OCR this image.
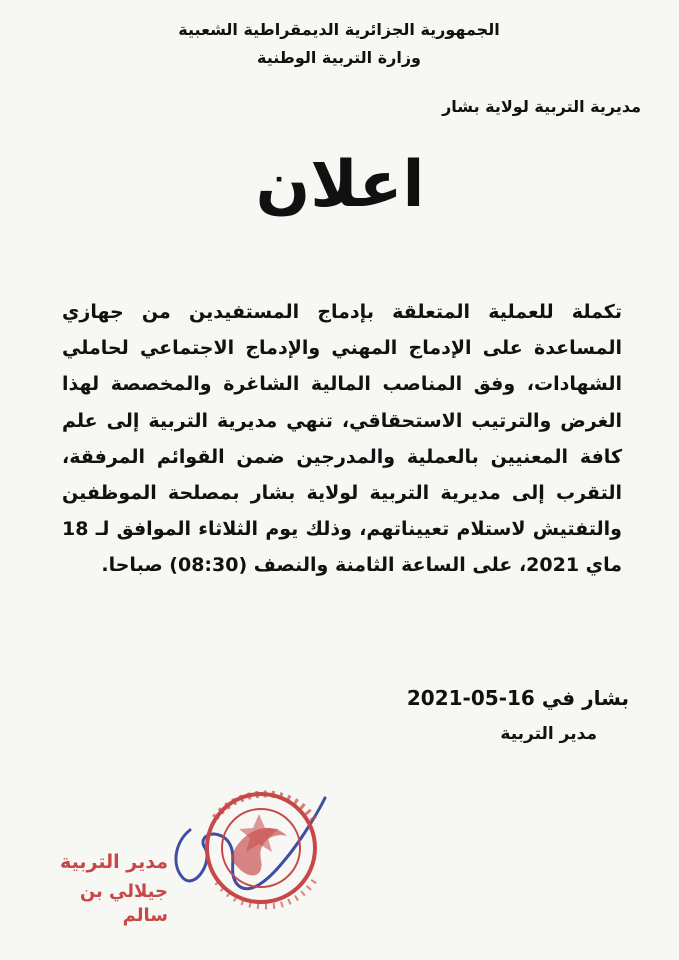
الجمهورية الجزائرية الديمقراطية الشعبية
وزارة التربية الوطنية
مديرية التربية لولاية بشار
اعلان

تكملة للعملية المتعلقة بإدماج المستفيدين من جهازي المساعدة على الإدماج المهني والإدماج الاجتماعي لحاملي الشهادات، وفق المناصب المالية الشاغرة والمخصصة لهذا الغرض والترتيب الاستحقاقي، تنهي مديرية التربية إلى علم كافة المعنيين بالعملية والمدرجين ضمن القوائم المرفقة، التقرب إلى مديرية التربية لولاية بشار بمصلحة الموظفين والتفتيش لاستلام تعييناتهم، وذلك يوم الثلاثاء الموافق لـ 18 ماي 2021، على الساعة الثامنة والنصف (08:30) صباحا.

بشار في 16-05-2021
مدير التربية
مدير التربية
جيلالي بن سالم
